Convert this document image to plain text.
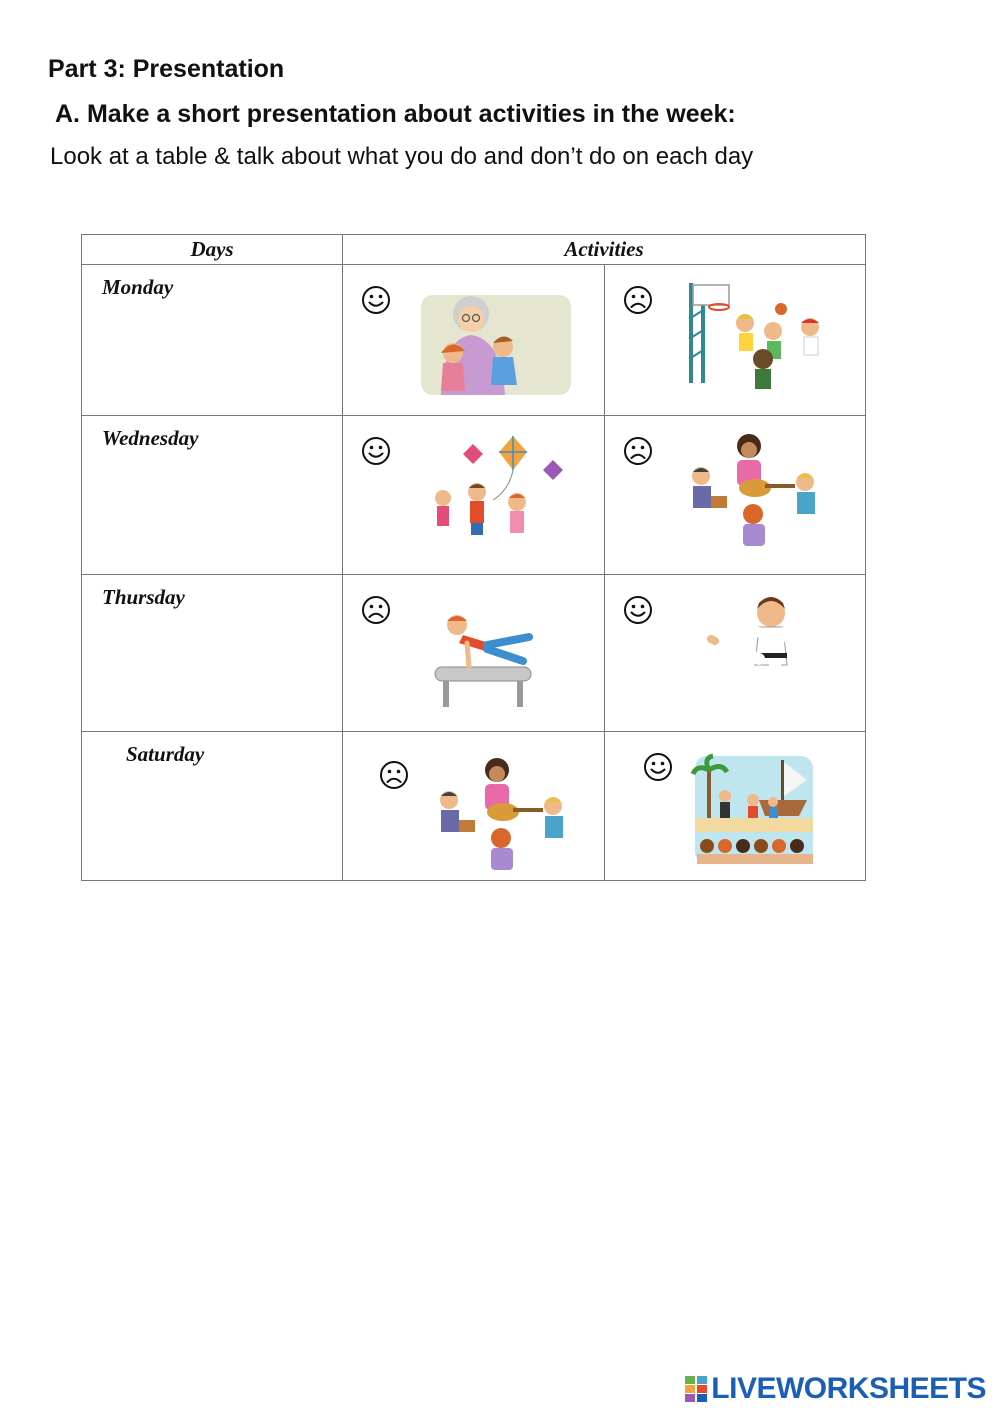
Part 3: Presentation
A. Make a short presentation about activities in the week:
Look at a table & talk about what you do and don’t do on each day
Days	Activities	

Monday

Wednesday

Thursday

Saturday

LIVEWORKSHEETS
